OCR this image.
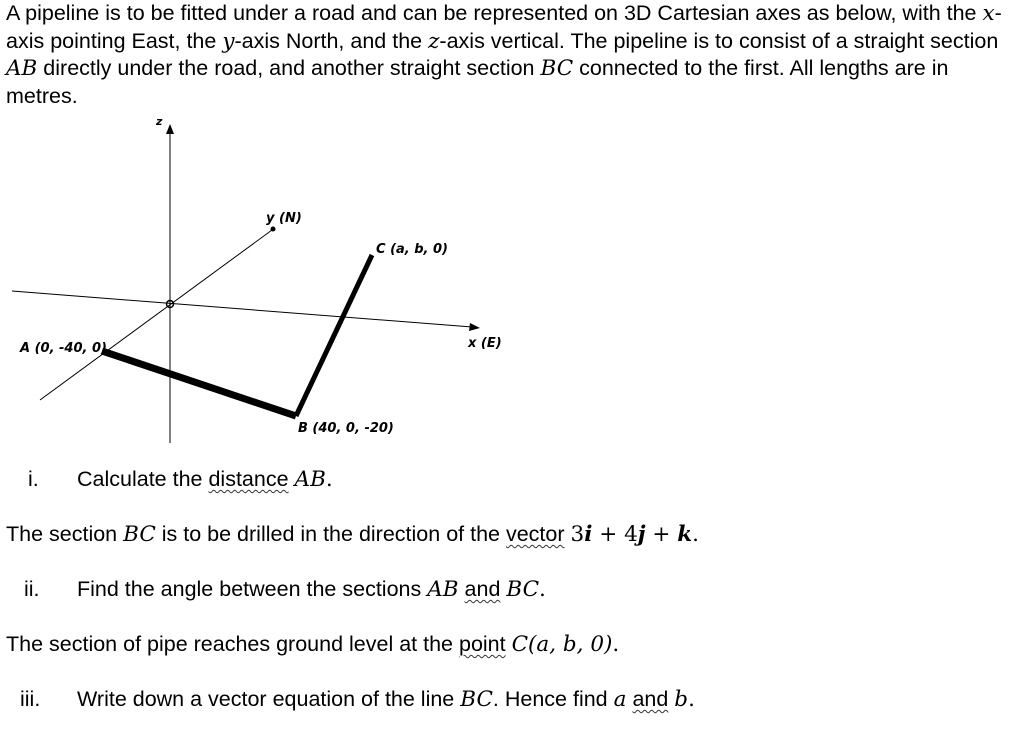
A pipeline is to be fitted under a road and can be represented on 3D Cartesian axes as below, with the x-axis pointing East, the y-axis North, and the z-axis vertical. The pipeline is to consist of a straight section AB directly under the road, and another straight section BC connected to the first. All lengths are in metres.

z
x (E)
y (N)
A (0, -40, 0)
B (40, 0, -20)
C (a, b, 0)
i. Calculate the distance AB.
The section BC is to be drilled in the direction of the vector 3i + 4j + k.
ii. Find the angle between the sections AB and BC.
The section of pipe reaches ground level at the point C(a, b, 0).
iii. Write down a vector equation of the line BC. Hence find a and b.
